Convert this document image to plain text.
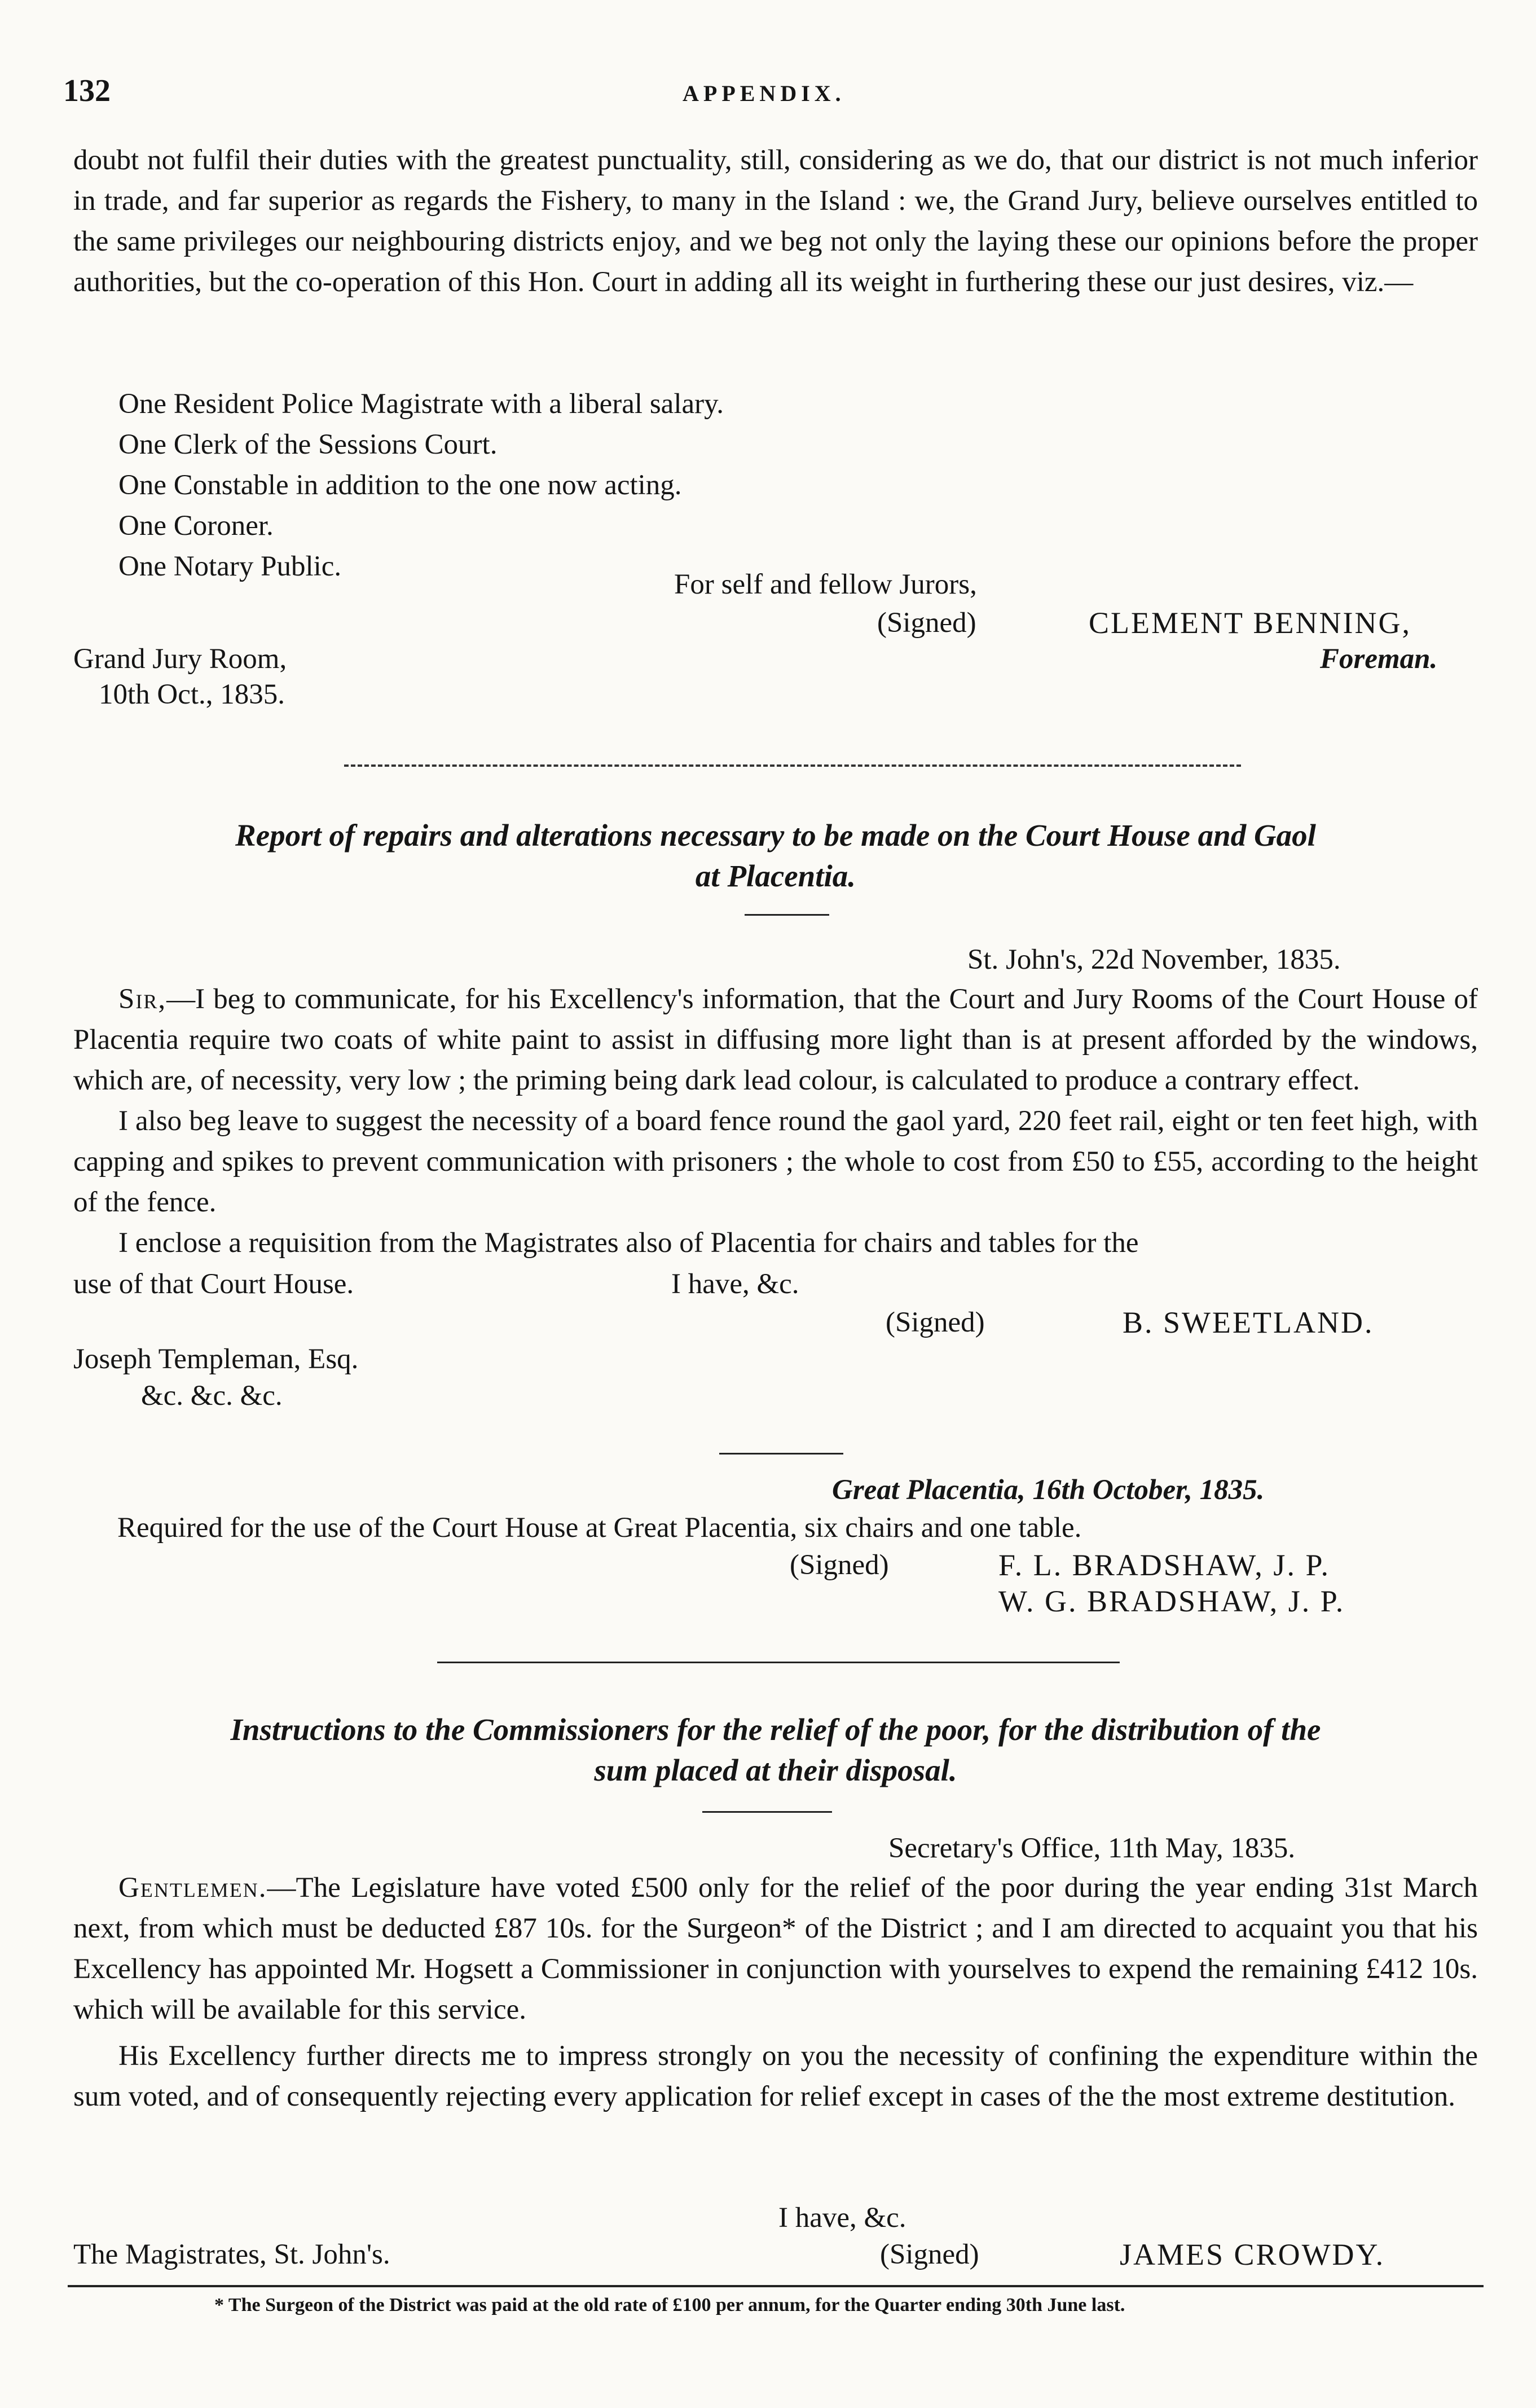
132	APPENDIX.

doubt not fulfil their duties with the greatest punctuality, still, considering as we do, that our district is not much inferior in trade, and far superior as regards the Fishery, to many in the Island : we, the Grand Jury, believe ourselves entitled to the same privileges our neighbouring districts enjoy, and we beg not only the laying these our opinions before the proper authorities, but the co-operation of this Hon. Court in adding all its weight in furthering these our just desires, viz.—

One Resident Police Magistrate with a liberal salary.
One Clerk of the Sessions Court.
One Constable in addition to the one now acting.
One Coroner.
One Notary Public.
For self and fellow Jurors,
(Signed)	CLEMENT BENNING,
Foreman.
Grand Jury Room,
10th Oct., 1835.
Report of repairs and alterations necessary to be made on the Court House and Gaol
at Placentia.
St. John's, 22d November, 1835.

Sir,—I beg to communicate, for his Excellency's information, that the Court and Jury Rooms of the Court House of Placentia require two coats of white paint to assist in diffusing more light than is at present afforded by the windows, which are, of necessity, very low ; the priming being dark lead colour, is calculated to produce a contrary effect.

I also beg leave to suggest the necessity of a board fence round the gaol yard, 220 feet rail, eight or ten feet high, with capping and spikes to prevent communication with prisoners ; the whole to cost from £50 to £55, according to the height of the fence.

I enclose a requisition from the Magistrates also of Placentia for chairs and tables for the

use of that Court House.	I have, &c.
(Signed)	B. SWEETLAND.
Joseph Templeman, Esq.
&c. &c. &c.
Great Placentia, 16th October, 1835.
Required for the use of the Court House at Great Placentia, six chairs and one table.
(Signed)	F. L. BRADSHAW, J. P.
W. G. BRADSHAW, J. P.
Instructions to the Commissioners for the relief of the poor, for the distribution of the
sum placed at their disposal.
Secretary's Office, 11th May, 1835.

Gentlemen.—The Legislature have voted £500 only for the relief of the poor during the year ending 31st March next, from which must be deducted £87 10s. for the Surgeon* of the District ; and I am directed to acquaint you that his Excellency has appointed Mr. Hogsett a Commissioner in conjunction with yourselves to expend the remaining £412 10s. which will be available for this service.

His Excellency further directs me to impress strongly on you the necessity of confining the expenditure within the sum voted, and of consequently rejecting every application for relief except in cases of the the most extreme destitution.

I have, &c.
The Magistrates, St. John's.	(Signed)	JAMES CROWDY.
* The Surgeon of the District was paid at the old rate of £100 per annum, for the Quarter ending 30th June last.
